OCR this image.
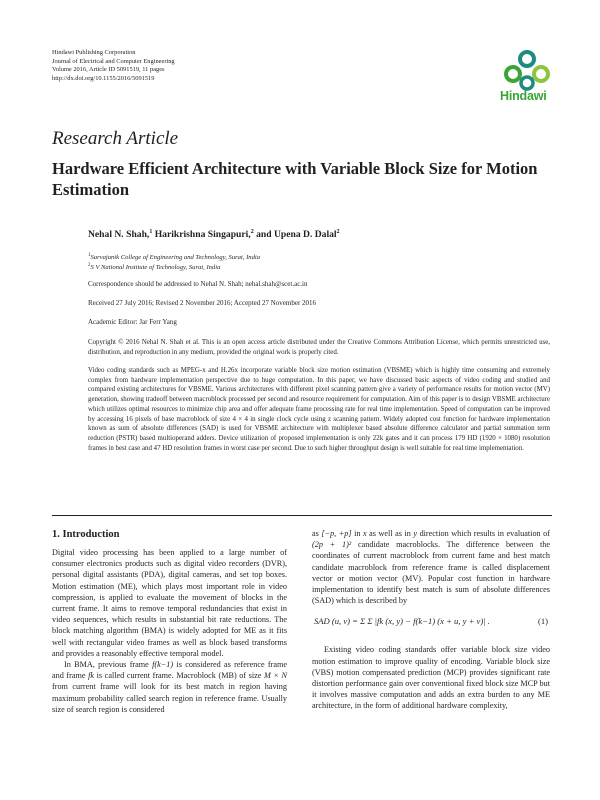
Hindawi Publishing Corporation
Journal of Electrical and Computer Engineering
Volume 2016, Article ID 5091519, 11 pages
http://dx.doi.org/10.1155/2016/5091519
Hindawi
Research Article
Hardware Efficient Architecture with Variable Block Size for Motion Estimation
Nehal N. Shah,$^1$ Harikrishna Singapuri,$^2$ and Upena D. Dalal$^2$
$^1$Sarvajanik College of Engineering and Technology, Surat, India
$^2$S V National Institute of Technology, Surat, India
Correspondence should be addressed to Nehal N. Shah; nehal.shah@scet.ac.in
Received 27 July 2016; Revised 2 November 2016; Accepted 27 November 2016
Academic Editor: Jar Ferr Yang
Copyright © 2016 Nehal N. Shah et al. This is an open access article distributed under the Creative Commons Attribution License, which permits unrestricted use, distribution, and reproduction in any medium, provided the original work is properly cited.
Video coding standards such as MPEG-x and H.26x incorporate variable block size motion estimation (VBSME) which is highly time consuming and extremely complex from hardware implementation perspective due to huge computation. In this paper, we have discussed basic aspects of video coding and studied and compared existing architectures for VBSME. Various architectures with different pixel scanning pattern give a variety of performance results for motion vector (MV) generation, showing tradeoff between macroblock processed per second and resource requirement for computation. Aim of this paper is to design VBSME architecture which utilizes optimal resources to minimize chip area and offer adequate frame processing rate for real time implementation. Speed of computation can be improved by accessing 16 pixels of base macroblock of size 4 × 4 in single clock cycle using z scanning pattern. Widely adopted cost function for hardware implementation known as sum of absolute differences (SAD) is used for VBSME architecture with multiplexer based absolute difference calculator and partial summation term reduction (PSTR) based multioperand adders. Device utilization of proposed implementation is only 22k gates and it can process 179 HD (1920 × 1080) resolution frames in best case and 47 HD resolution frames in worst case per second. Due to such higher throughput design is well suitable for real time implementation.
1. Introduction

Digital video processing has been applied to a large number of consumer electronics products such as digital video recorders (DVR), personal digital assistants (PDA), digital cameras, and set top boxes. Motion estimation (ME), which plays most important role in video compression, is applied to evaluate the movement of blocks in the current frame. It aims to remove temporal redundancies that exist in video sequences, which results in substantial bit rate reductions. The block matching algorithm (BMA) is widely adopted for ME as it fits well with rectangular video frames as well as block based transforms and provides a reasonably effective temporal model.

In BMA, previous frame f(k−1) is considered as reference frame and frame fk is called current frame. Macroblock (MB) of size M × N from current frame will look for its best match in region having maximum probability called search region in reference frame. Usually size of search region is considered

as [−p, +p] in x as well as in y direction which results in evaluation of (2p + 1)² candidate macroblocks. The difference between the coordinates of current macroblock from current fame and best match candidate macroblock from reference frame is called displacement vector or motion vector (MV). Popular cost function in hardware implementation to identify best match is sum of absolute differences (SAD) which is described by

SAD (u, v) = Σ Σ |fk (x, y) − f(k−1) (x + u, y + v)| .	(1)

Existing video coding standards offer variable block size video motion estimation to improve quality of encoding. Variable block size (VBS) motion compensated prediction (MCP) provides significant rate distortion performance gain over conventional fixed block size MCP but it involves massive computation and adds an extra burden to any ME architecture, in the form of additional hardware complexity,
